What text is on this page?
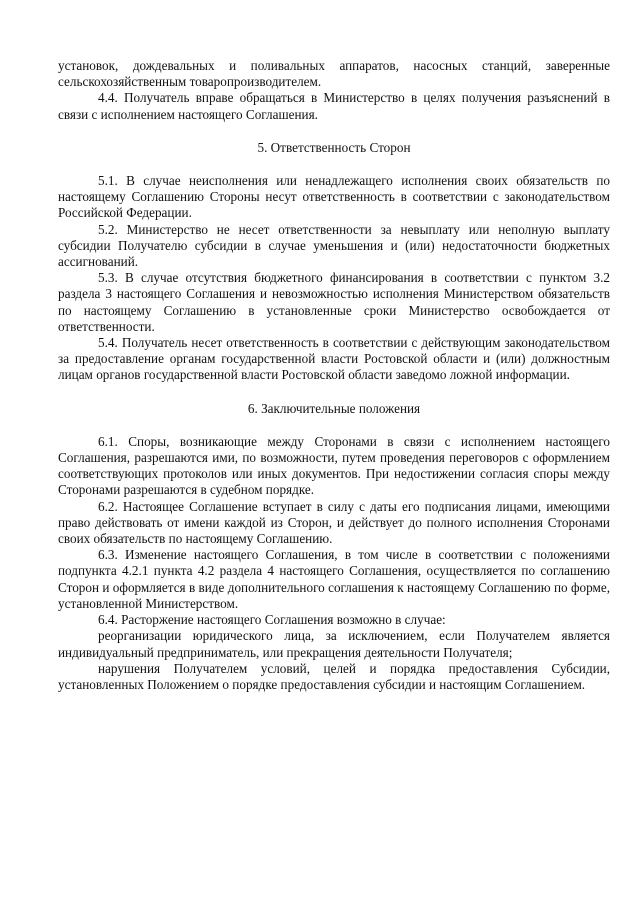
установок, дождевальных и поливальных аппаратов, насосных станций, заверенные сельскохозяйственным товаропроизводителем.

4.4. Получатель вправе обращаться в Министерство в целях получения разъяснений в связи с исполнением настоящего Соглашения.

5. Ответственность Сторон

5.1. В случае неисполнения или ненадлежащего исполнения своих обязательств по настоящему Соглашению Стороны несут ответственность в соответствии с законодательством Российской Федерации.

5.2. Министерство не несет ответственности за невыплату или неполную выплату субсидии Получателю субсидии в случае уменьшения и (или) недостаточности бюджетных ассигнований.

5.3. В случае отсутствия бюджетного финансирования в соответствии с пунктом 3.2 раздела 3 настоящего Соглашения и невозможностью исполнения Министерством обязательств по настоящему Соглашению в установленные сроки Министерство освобождается от ответственности.

5.4. Получатель несет ответственность в соответствии с действующим законодательством за предоставление органам государственной власти Ростовской области и (или) должностным лицам органов государственной власти Ростовской области заведомо ложной информации.

6. Заключительные положения

6.1. Споры, возникающие между Сторонами в связи с исполнением настоящего Соглашения, разрешаются ими, по возможности, путем проведения переговоров с оформлением соответствующих протоколов или иных документов. При недостижении согласия споры между Сторонами разрешаются в судебном порядке.

6.2. Настоящее Соглашение вступает в силу с даты его подписания лицами, имеющими право действовать от имени каждой из Сторон, и действует до полного исполнения Сторонами своих обязательств по настоящему Соглашению.

6.3. Изменение настоящего Соглашения, в том числе в соответствии с положениями подпункта 4.2.1 пункта 4.2 раздела 4 настоящего Соглашения, осуществляется по соглашению Сторон и оформляется в виде дополнительного соглашения к настоящему Соглашению по форме, установленной Министерством.

6.4. Расторжение настоящего Соглашения возможно в случае:

реорганизации юридического лица, за исключением, если Получателем является индивидуальный предприниматель, или прекращения деятельности Получателя;

нарушения Получателем условий, целей и порядка предоставления Субсидии, установленных Положением о порядке предоставления субсидии и настоящим Соглашением.
